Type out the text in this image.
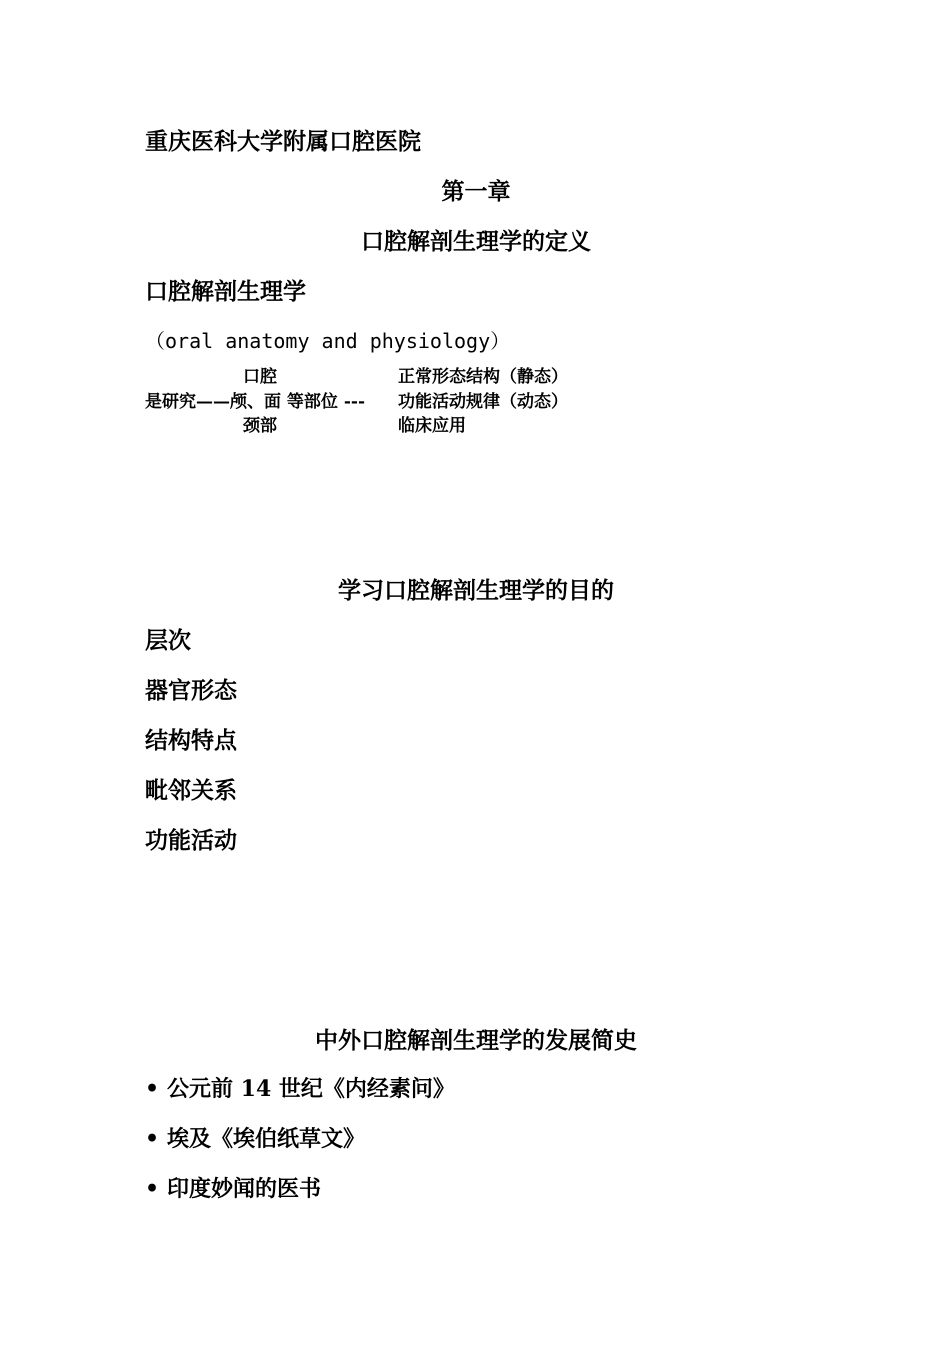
重庆医科大学附属口腔医院
第一章
口腔解剖生理学的定义
口腔解剖生理学
（oral anatomy and physiology）
口腔
是研究——颅、面 等部位 ---
颈部
正常形态结构（静态）
功能活动规律（动态）
临床应用
学习口腔解剖生理学的目的
层次
器官形态
结构特点
毗邻关系
功能活动
中外口腔解剖生理学的发展简史
• 公元前 14 世纪《内经素问》
• 埃及《埃伯纸草文》
• 印度妙闻的医书
